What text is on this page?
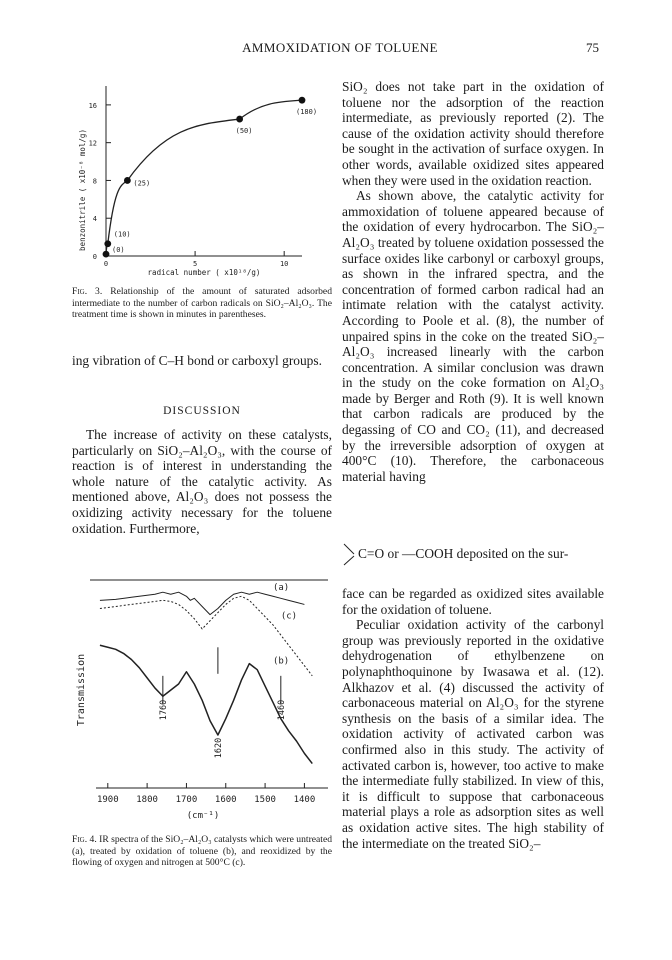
AMMOXIDATION OF TOLUENE	75
0
4
8
12
16
0	5	10
(0)
(10)
(25)
(50)
(180)
benzonitrile ( x10⁻⁸ mol/g)
radical number ( x10¹⁸/g)
Fig. 3. Relationship of the amount of saturated adsorbed intermediate to the number of carbon radicals on SiO₂–Al₂O₃. The treatment time is shown in minutes in parentheses.

ing vibration of C–H bond or carboxyl groups.

DISCUSSION

The increase of activity on these catalysts, particularly on SiO₂–Al₂O₃, with the course of reaction is of interest in understanding the whole nature of the catalytic activity. As mentioned above, Al₂O₃ does not possess the oxidizing activity necessary for the toluene oxidation. Furthermore,

1900 1800 1700 1600 1500 1400
(a)
(c)
(b)
1760
1620
1460
Transmission
(cm⁻¹)
Fig. 4. IR spectra of the SiO₂–Al₂O₃ catalysts which were untreated (a), treated by oxidation of toluene (b), and reoxidized by the flowing of oxygen and nitrogen at 500°C (c).

SiO₂ does not take part in the oxidation of toluene nor the adsorption of the reaction intermediate, as previously reported (2). The cause of the oxidation activity should therefore be sought in the activation of surface oxygen. In other words, available oxidized sites appeared when they were used in the oxidation reaction.

As shown above, the catalytic activity for ammoxidation of toluene appeared because of the oxidation of every hydrocarbon. The SiO₂–Al₂O₃ treated by toluene oxidation possessed the surface oxides like carbonyl or carboxyl groups, as shown in the infrared spectra, and the concentration of formed carbon radical had an intimate relation with the catalyst activity. According to Poole et al. (8), the number of unpaired spins in the coke on the treated SiO₂–Al₂O₃ increased linearly with the carbon concentration. A similar conclusion was drawn in the study on the coke formation on Al₂O₃ made by Berger and Roth (9). It is well known that carbon radicals are produced by the degassing of CO and CO₂ (11), and decreased by the irreversible adsorption of oxygen at 400°C (10). Therefore, the carbonaceous material having

C=O or —COOH deposited on the sur-

face can be regarded as oxidized sites available for the oxidation of toluene.

Peculiar oxidation activity of the carbonyl group was previously reported in the oxidative dehydrogenation of ethylbenzene on polynaphthoquinone by Iwasawa et al. (12). Alkhazov et al. (4) discussed the activity of carbonaceous material on Al₂O₃ for the styrene synthesis on the basis of a similar idea. The oxidation activity of activated carbon was confirmed also in this study. The activity of activated carbon is, however, too active to make the intermediate fully stabilized. In view of this, it is difficult to suppose that carbonaceous material plays a role as adsorption sites as well as oxidation active sites. The high stability of the intermediate on the treated SiO₂–
